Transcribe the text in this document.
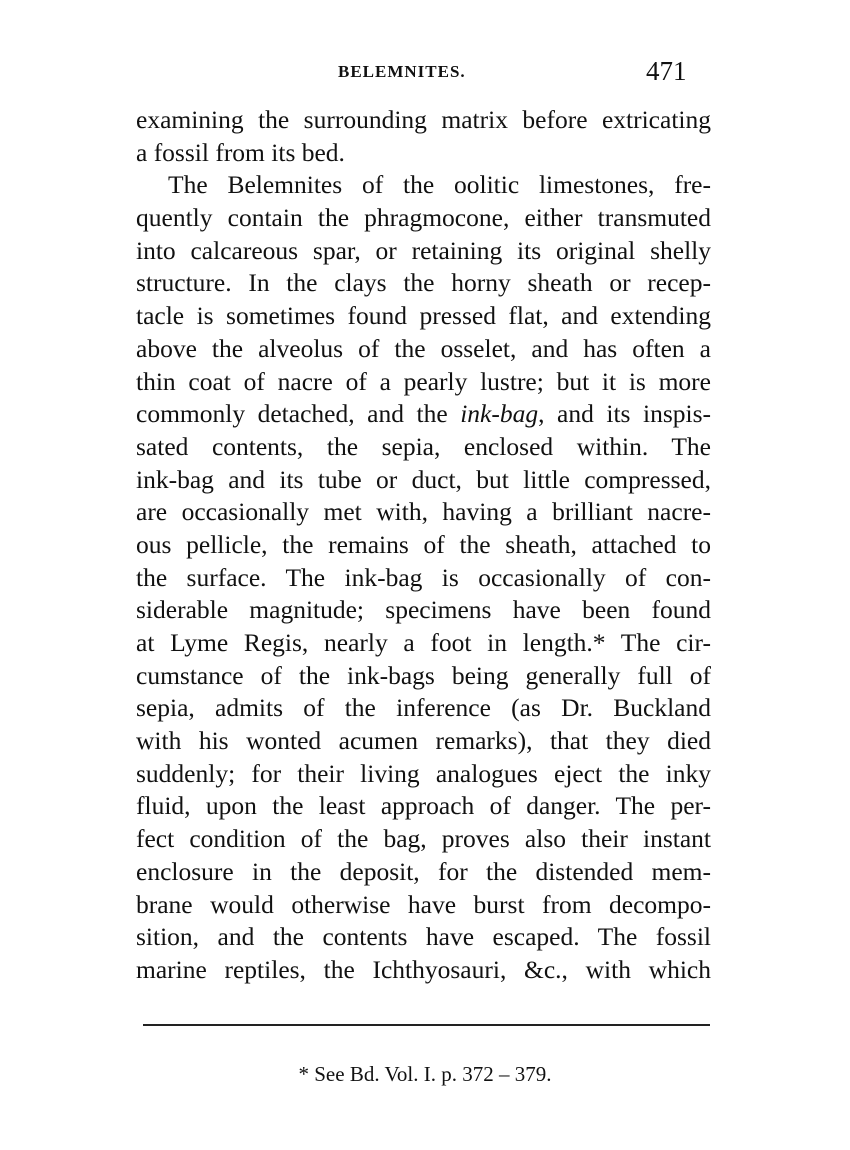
BELEMNITES.	471
examining the surrounding matrix before extricating
a fossil from its bed.
The Belemnites of the oolitic limestones, fre-
quently contain the phragmocone, either transmuted
into calcareous spar, or retaining its original shelly
structure. In the clays the horny sheath or recep-
tacle is sometimes found pressed flat, and extending
above the alveolus of the osselet, and has often a
thin coat of nacre of a pearly lustre; but it is more
commonly detached, and the ink-bag, and its inspis-
sated contents, the sepia, enclosed within. The
ink-bag and its tube or duct, but little compressed,
are occasionally met with, having a brilliant nacre-
ous pellicle, the remains of the sheath, attached to
the surface. The ink-bag is occasionally of con-
siderable magnitude; specimens have been found
at Lyme Regis, nearly a foot in length.* The cir-
cumstance of the ink-bags being generally full of
sepia, admits of the inference (as Dr. Buckland
with his wonted acumen remarks), that they died
suddenly; for their living analogues eject the inky
fluid, upon the least approach of danger. The per-
fect condition of the bag, proves also their instant
enclosure in the deposit, for the distended mem-
brane would otherwise have burst from decompo-
sition, and the contents have escaped. The fossil
marine reptiles, the Ichthyosauri, &c., with which
* See Bd. Vol. I. p. 372 – 379.
